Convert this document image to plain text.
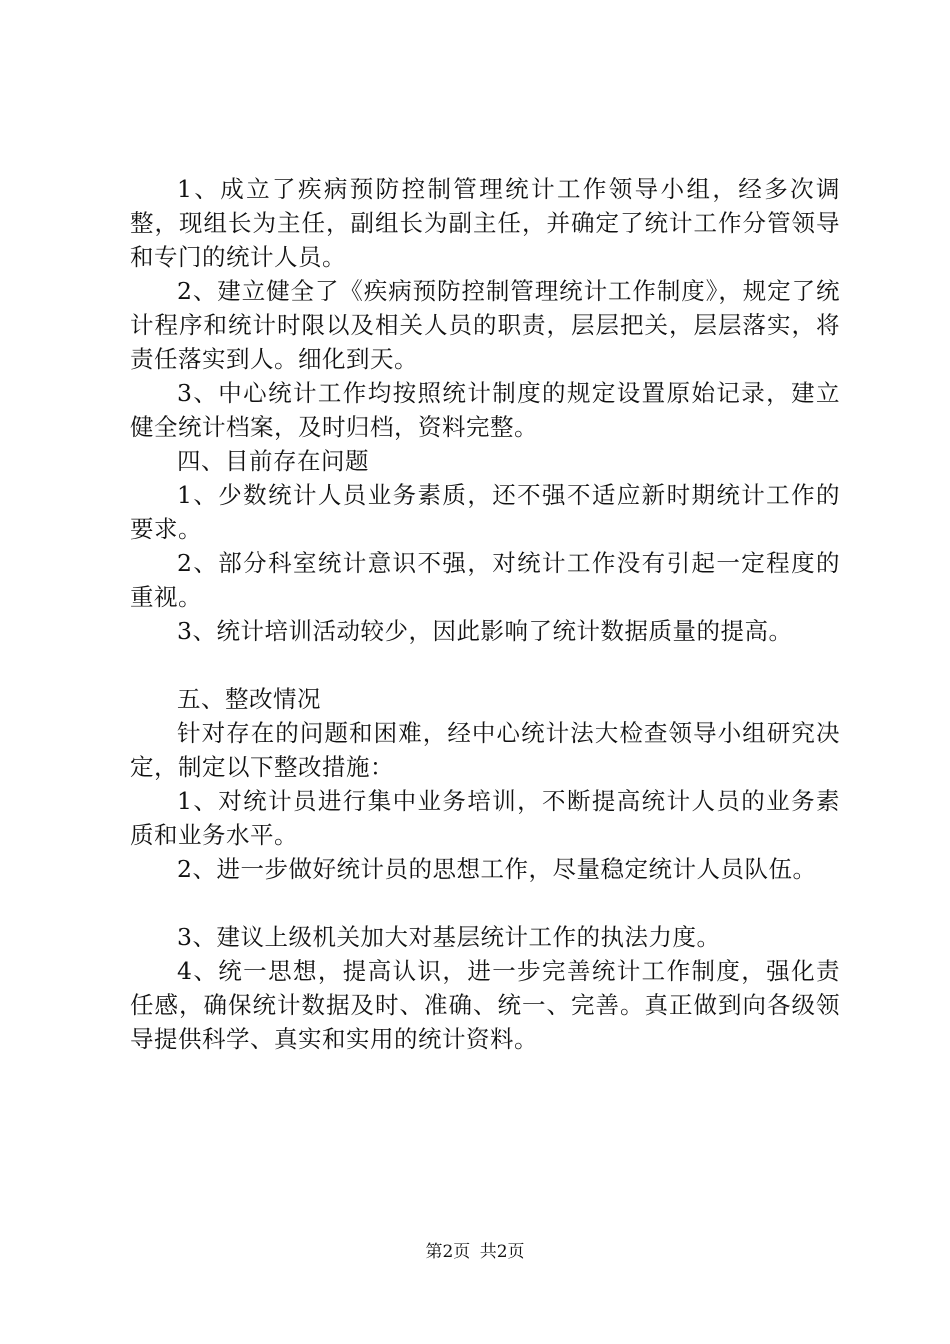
1、成立了疾病预防控制管理统计工作领导小组，经多次调整，现组长为主任，副组长为副主任，并确定了统计工作分管领导和专门的统计人员。

2、建立健全了《疾病预防控制管理统计工作制度》，规定了统计程序和统计时限以及相关人员的职责，层层把关，层层落实，将责任落实到人。细化到天。

3、中心统计工作均按照统计制度的规定设置原始记录，建立健全统计档案，及时归档，资料完整。

四、目前存在问题

1、少数统计人员业务素质，还不强不适应新时期统计工作的要求。

2、部分科室统计意识不强，对统计工作没有引起一定程度的重视。

3、统计培训活动较少，因此影响了统计数据质量的提高。

五、整改情况

针对存在的问题和困难，经中心统计法大检查领导小组研究决定，制定以下整改措施：

1、对统计员进行集中业务培训，不断提高统计人员的业务素质和业务水平。

2、进一步做好统计员的思想工作，尽量稳定统计人员队伍。

3、建议上级机关加大对基层统计工作的执法力度。

4、统一思想，提高认识，进一步完善统计工作制度，强化责任感，确保统计数据及时、准确、统一、完善。真正做到向各级领导提供科学、真实和实用的统计资料。

第2页 共2页
